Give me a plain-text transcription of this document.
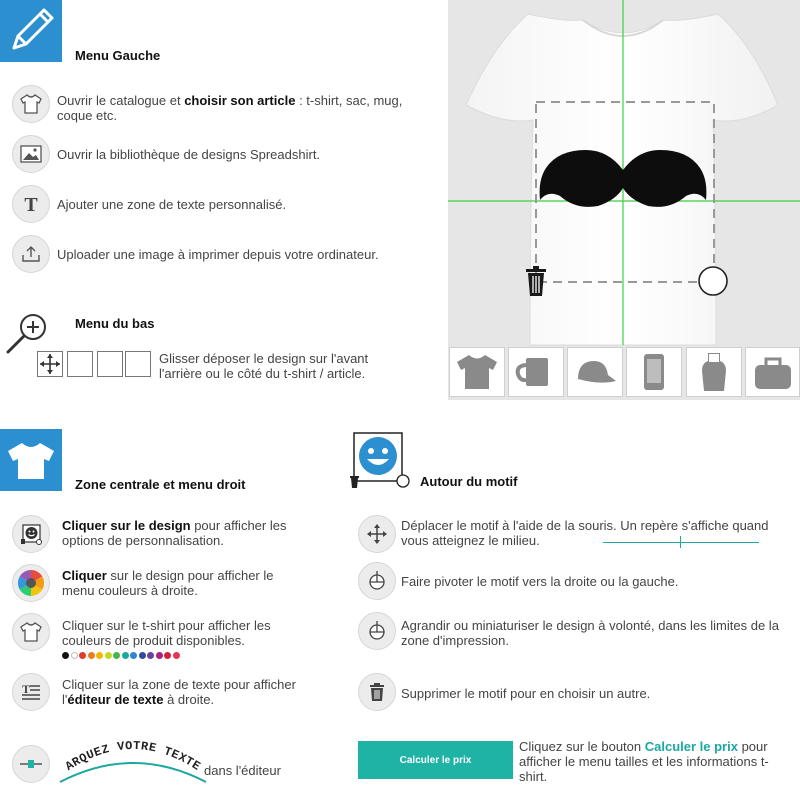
Menu Gauche
Ouvrir le catalogue et choisir son article : t-shirt, sac, mug, coque etc.
Ouvrir la bibliothèque de designs Spreadshirt.
T Ajouter une zone de texte personnalisé.
Uploader une image à imprimer depuis votre ordinateur.
Menu du bas
Glisser déposer le design sur l'avant l'arrière ou le côté du t-shirt / article.
Zone centrale et menu droit
Cliquer sur le design pour afficher les options de personnalisation.
Cliquer sur le design pour afficher le menu couleurs à droite.
Cliquer sur le t-shirt pour afficher les couleurs de produit disponibles.
T Cliquer sur la zone de texte pour afficher l'éditeur de texte à droite.
ARQUEZ VOTRE TEXTE dans l'éditeur
Autour du motif
Déplacer le motif à l'aide de la souris. Un repère s'affiche quand vous atteignez le milieu.
Faire pivoter le motif vers la droite ou la gauche.
Agrandir ou miniaturiser le design à volonté, dans les limites de la zone d'impression.
Supprimer le motif pour en choisir un autre.
Calculer le prix
Cliquez sur le bouton Calculer le prix pour afficher le menu tailles et les informations t-shirt.
